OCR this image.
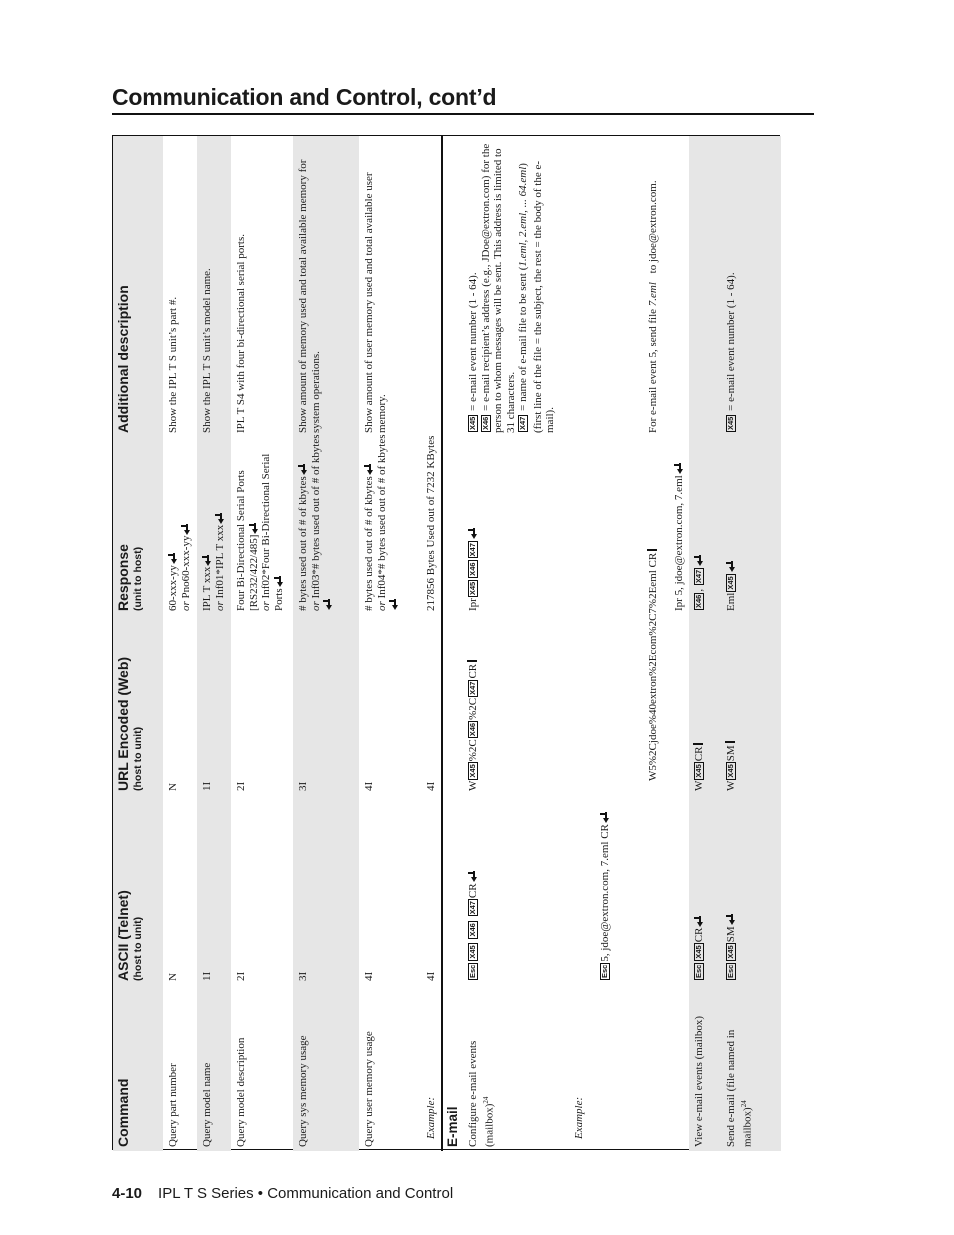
Communication and Control, cont’d
Command
ASCII (Telnet) (host to unit)
URL Encoded (Web) (host to unit)
Response (unit to host)
Additional description
Query part number
N
N
60-xxx-yy

or Pno60-xxx-yy
Show the IPL T S unit’s part #.
Query model name
1I
1I
IPL T xxx

or Inf01*IPL T xxx
Show the IPL T S unit’s model name.
Query model description
2I
2I
Four Bi-Directional Serial Ports [RS232/422/485]

or Inf02*Four Bi-Directional Serial Ports
IPL T S4 with four bi-directional serial ports.
Query sys memory usage
3I
3I
# bytes used out of # of kbytes

or Inf03*# bytes used out of # of kbytes
Show amount of memory used and total available memory for system operations.
Query user memory usage
4I
4I
# bytes used out of # of kbytes

or Inf04*# bytes used out of # of kbytes
Show amount of user memory used and total available user memory.
Example:
4I
4I
217856 Bytes Used out of 7232 KBytes
E-mail Configure e-mail events (mailbox)$^{24}$
EscX45 X46 X47CR
WX45%2CX46%2CX47CR
IprX45X46X47
X45 = e-mail event number (1 - 64).
X46 = e-mail recipient’s address (e.g., JDoe@extron.com) for the person to whom messages will be sent. This address is limited to 31 characters. X47 = name of e-mail file to be sent (1.eml, 2.eml, ... 64.eml) (first line of the file = the subject, the rest = the body of the e-mail).
Example:
Esc5, jdoe@extron.com, 7.eml CR
W5%2Cjdoe%40extron%2Ecom%2C7%2Eeml CR
Ipr 5, jdoe@extron.com, 7.eml
For e-mail event 5, send file 7.eml to jdoe@extron.com.
View e-mail events (mailbox)
EscX45CR
WX45CR
X46, X47
Send e-mail (file named in mailbox)$^{24}$
EscX45SM
WX45SM
EmlX45
X45 = e-mail event number (1 - 64).
4-10 IPL T S Series • Communication and Control
